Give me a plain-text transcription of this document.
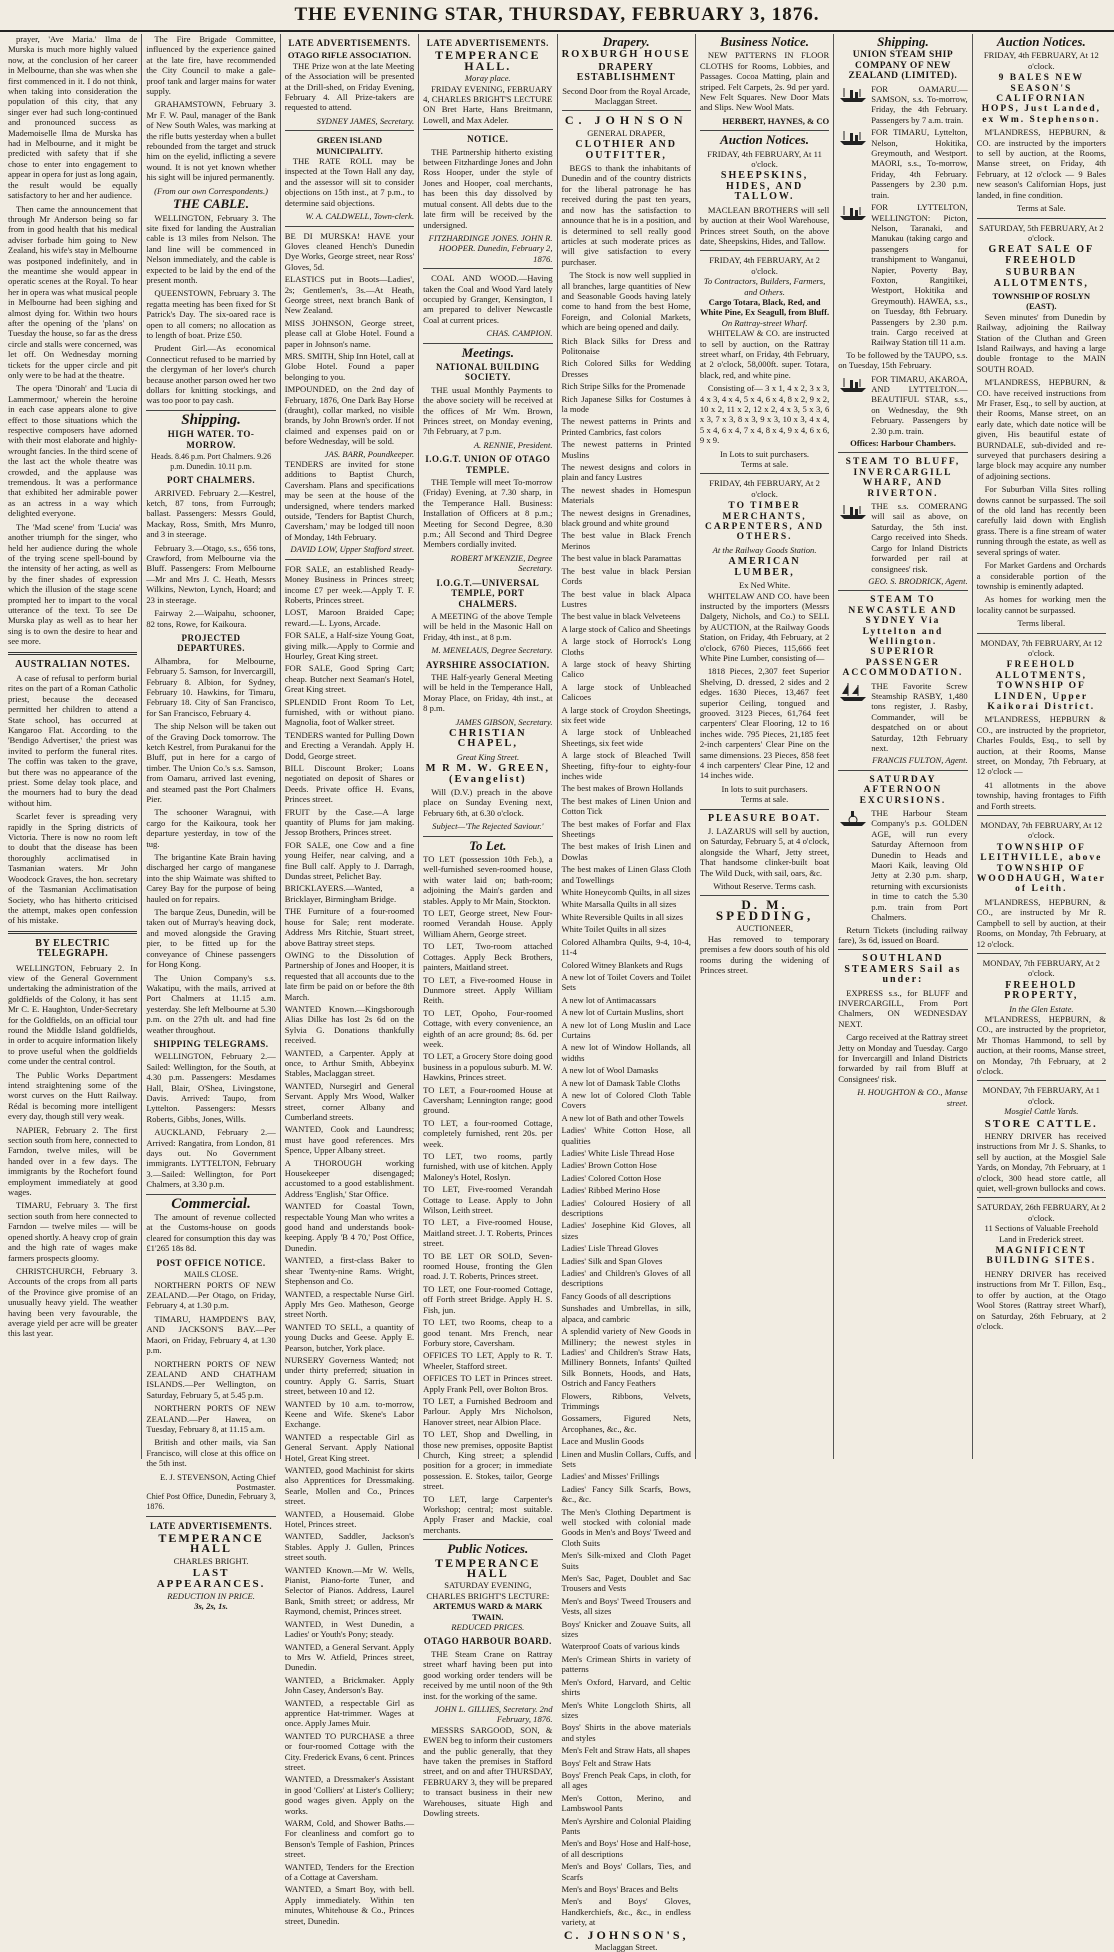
THE EVENING STAR, THURSDAY, FEBRUARY 3, 1876.

prayer, 'Ave Maria.' Ilma de Murska is much more highly valued now, at the conclusion of her career in Melbourne, than she was when she first commenced in it. I do not think, when taking into consideration the population of this city, that any singer ever had such long-continued and pronounced success as Mademoiselle Ilma de Murska has had in Melbourne, and it might be predicted with safety that if she chose to enter into engagement to appear in opera for just as long again, the result would be equally satisfactory to her and her audience.

Then came the announcement that through Mr Anderson being so far from in good health that his medical adviser forbade him going to New Zealand, his wife's stay in Melbourne was postponed indefinitely, and in the meantime she would appear in operatic scenes at the Royal. To hear her in opera was what musical people in Melbourne had been sighing and almost dying for. Within two hours after the opening of the 'plans' on Tuesday the house, so far as the dress circle and stalls were concerned, was let off. On Wednesday morning tickets for the upper circle and pit only were to be had at the theatre.

The opera 'Dinorah' and 'Lucia di Lammermoor,' wherein the heroine in each case appears alone to give effect to those situations which the respective composers have adorned with their most elaborate and highly-wrought fancies. In the third scene of the last act the whole theatre was crowded, and the applause was tremendous. It was a performance that exhibited her admirable power as an actress in a way which delighted everyone.

The 'Mad scene' from 'Lucia' was another triumph for the singer, who held her audience during the whole of the trying scene spell-bound by the intensity of her acting, as well as by the finer shades of expression which the illusion of the stage scene prompted her to impart to the vocal utterance of the text. To see De Murska play as well as to hear her sing is to own the desire to hear and see more.

AUSTRALIAN NOTES.

A case of refusal to perform burial rites on the part of a Roman Catholic priest, because the deceased permitted her children to attend a State school, has occurred at Kangaroo Flat. According to the 'Bendigo Advertiser,' the priest was invited to perform the funeral rites. The coffin was taken to the grave, but there was no appearance of the priest. Some delay took place, and the mourners had to bury the dead without him.

Scarlet fever is spreading very rapidly in the Spring districts of Victoria. There is now no room left to doubt that the disease has been thoroughly acclimatised in Tasmanian waters. Mr John Woodcock Graves, the hon. secretary of the Tasmanian Acclimatisation Society, who has hitherto criticised the attempt, makes open confession of his mistake.

BY ELECTRIC TELEGRAPH.

WELLINGTON, February 2. In view of the General Government undertaking the administration of the goldfields of the Colony, it has sent Mr C. E. Haughton, Under-Secretary for the Goldfields, on an official tour round the Middle Island goldfields, in order to acquire information likely to prove useful when the goldfields come under the central control.

The Public Works Department intend straightening some of the worst curves on the Hutt Railway. Rédal is becoming more intelligent every day, though still very weak.

NAPIER, February 2. The first section south from here, connected to Farndon, twelve miles, will be handed over in a few days. The immigrants by the Rochefort found employment immediately at good wages.

TIMARU, February 3. The first section south from here connected to Farndon — twelve miles — will be opened shortly. A heavy crop of grain and the high rate of wages make farmers prospects gloomy.

CHRISTCHURCH, February 3. Accounts of the crops from all parts of the Province give promise of an unusually heavy yield. The weather having been very favourable, the average yield per acre will be greater this last year.

The Fire Brigade Committee, influenced by the experience gained at the late fire, have recommended the City Council to make a gale-proof tank and larger mains for water supply.

GRAHAMSTOWN, February 3. Mr F. W. Paul, manager of the Bank of New South Wales, was marking at the rifle butts yesterday when a bullet rebounded from the target and struck him on the eyelid, inflicting a severe wound. It is not yet known whether his sight will be injured permanently.

(From our own Correspondents.)
THE CABLE.

WELLINGTON, February 3. The site fixed for landing the Australian cable is 13 miles from Nelson. The land line will be commenced in Nelson immediately, and the cable is expected to be laid by the end of the present month.

QUEENSTOWN, February 3. The regatta meeting has been fixed for St Patrick's Day. The six-oared race is open to all comers; no allocation as to length of boat. Prize £50.

Prudent Girl.—As economical Connecticut refused to be married by the clergyman of her lover's church because another parson owed her two dollars for knitting stockings, and was too poor to pay cash.

Shipping.
HIGH WATER. TO-MORROW.
Heads. 8.46 p.m. Port Chalmers. 9.26 p.m. Dunedin. 10.11 p.m.
PORT CHALMERS.

ARRIVED. February 2.—Kestrel, ketch, 87 tons, from Furrough; ballast. Passengers: Messrs Gould, Mackay, Ross, Smith, Mrs Munro, and 3 in steerage.

February 3.—Otago, s.s., 656 tons, Crawford, from Melbourne via the Bluff. Passengers: From Melbourne—Mr and Mrs J. C. Heath, Messrs Wilkins, Newton, Lynch, Hoard; and 23 in steerage.

Fairway 2.—Waipahu, schooner, 82 tons, Rowe, for Kaikoura.

PROJECTED DEPARTURES.

Alhambra, for Melbourne, February 5. Samson, for Invercargill, February 8. Albion, for Sydney, February 10. Hawkins, for Timaru, February 18. City of San Francisco, for San Francisco, February 4.

The ship Nelson will be taken out of the Graving Dock tomorrow. The ketch Kestrel, from Purakanui for the Bluff, put in here for a cargo of timber. The Union Co.'s s.s. Samson, from Oamaru, arrived last evening, and steamed past the Port Chalmers Pier.

The schooner Waragnui, with cargo for the Kaikoura, took her departure yesterday, in tow of the tug.

The brigantine Kate Brain having discharged her cargo of manganese into the ship Waimate was shifted to Carey Bay for the purpose of being hauled on for repairs.

The barque Zeus, Dunedin, will be taken out of Murray's heaving dock, and moved alongside the Graving pier, to be fitted up for the conveyance of Chinese passengers for Hong Kong.

The Union Company's s.s. Wakatipu, with the mails, arrived at Port Chalmers at 11.15 a.m. yesterday. She left Melbourne at 5.30 p.m. on the 27th ult. and had fine weather throughout.

SHIPPING TELEGRAMS.

WELLINGTON, February 2.—Sailed: Wellington, for the South, at 4.30 p.m. Passengers: Mesdames Hall, Blair, O'Shea, Livingstone, Davis. Arrived: Taupo, from Lyttelton. Passengers: Messrs Roberts, Gibbs, Jones, Wills.

AUCKLAND, February 2.—Arrived: Rangatira, from London, 81 days out. No Government immigrants. LYTTELTON, February 3.—Sailed: Wellington, for Port Chalmers, at 3.30 p.m.

Commercial.

The amount of revenue collected at the Customs-house on goods cleared for consumption this day was £1'265 18s 8d.

POST OFFICE NOTICE.
MAILS CLOSE.

NORTHERN PORTS OF NEW ZEALAND.—Per Otago, on Friday, February 4, at 1.30 p.m.

TIMARU, HAMPDEN'S BAY, AND JACKSON'S BAY.—Per Maori, on Friday, February 4, at 1.30 p.m.

NORTHERN PORTS OF NEW ZEALAND AND CHATHAM ISLANDS.—Per Wellington, on Saturday, February 5, at 5.45 p.m.

NORTHERN PORTS OF NEW ZEALAND.—Per Hawea, on Tuesday, February 8, at 11.15 a.m.

British and other mails, via San Francisco, will close at this office on the 5th inst.

E. J. STEVENSON, Acting Chief Postmaster.
Chief Post Office, Dunedin, February 3, 1876.
LATE ADVERTISEMENTS.
TEMPERANCE HALL
CHARLES BRIGHT.
LAST APPEARANCES.
REDUCTION IN PRICE.
3s, 2s, 1s.
LATE ADVERTISEMENTS.
OTAGO RIFLE ASSOCIATION.

THE Prize won at the late Meeting of the Association will be presented at the Drill-shed, on Friday Evening, February 4. All Prize-takers are requested to attend.

SYDNEY JAMES, Secretary.
GREEN ISLAND MUNICIPALITY.

THE RATE ROLL may be inspected at the Town Hall any day, and the assessor will sit to consider objections on 15th inst., at 7 p.m., to determine said objections.

W. A. CALDWELL, Town-clerk.

BE DI MURSKA! HAVE your Gloves cleaned Hench's Dunedin Dye Works, George street, near Ross' Gloves, 5d.

ELASTICS put in Boots—Ladies', 2s; Gentlemen's, 3s.—At Heath, George street, next branch Bank of New Zealand.

MISS JOHNSON, George street, please call at Globe Hotel. Found a paper in Johnson's name.

MRS. SMITH, Ship Inn Hotel, call at Globe Hotel. Found a paper belonging to you.

IMPOUNDED, on the 2nd day of February, 1876, One Dark Bay Horse (draught), collar marked, no visible brands, by John Brown's order. If not claimed and expenses paid on or before Wednesday, will be sold.

JAS. BARR, Poundkeeper.

TENDERS are invited for stone additions to Baptist Church, Caversham. Plans and specifications may be seen at the house of the undersigned, where tenders marked outside, 'Tenders for Baptist Church, Caversham,' may be lodged till noon of Monday, 14th February.

DAVID LOW, Upper Stafford street.

FOR SALE, an established Ready-Money Business in Princes street; income £7 per week.—Apply T. F. Roberts, Princes street.

LOST, Maroon Braided Cape; reward.—L. Lyons, Arcade.

FOR SALE, a Half-size Young Goat, giving milk.—Apply to Cormie and Hourley, Great King street.

FOR SALE, Good Spring Cart; cheap. Butcher next Seaman's Hotel, Great King street.

SPLENDID Front Room To Let, furnished, with or without piano. Magnolia, foot of Walker street.

TENDERS wanted for Pulling Down and Erecting a Verandah. Apply H. Dodd, George street.

BILL Discount Broker; Loans negotiated on deposit of Shares or Deeds. Private office H. Evans, Princes street.

FRUIT by the Case.—A large quantity of Plums for jam making. Jessop Brothers, Princes street.

FOR SALE, one Cow and a fine young Heifer, near calving, and a fine Bull calf. Apply to J. Darragh, Dundas street, Pelichet Bay.

BRICKLAYERS.—Wanted, a Bricklayer, Birmingham Bridge.

THE Furniture of a four-roomed house for Sale; rent moderate. Address Mrs Ritchie, Stuart street, above Battray street steps.

OWING to the Dissolution of Partnership of Jones and Hooper, it is requested that all accounts due to the late firm be paid on or before the 8th March.

WANTED Known.—Kingsborough Alias Dilke has lost 2s 6d on the Sylvia G. Donations thankfully received.

WANTED, a Carpenter. Apply at once, to Arthur Smith, Abbeyinx Stables, Maclaggan street.

WANTED, Nursegirl and General Servant. Apply Mrs Wood, Walker street, corner Albany and Cumberland streets.

WANTED, Cook and Laundress; must have good references. Mrs Spence, Upper Albany street.

A THOROUGH working Housekeeper disengaged; accustomed to a good establishment. Address 'English,' Star Office.

WANTED for Coastal Town, respectable Young Man who writes a good hand and understands book-keeping. Apply 'B 4 70,' Post Office, Dunedin.

WANTED, a first-class Baker to shear Twenty-nine Rams. Wright, Stephenson and Co.

WANTED, a respectable Nurse Girl. Apply Mrs Geo. Matheson, George street North.

WANTED TO SELL, a quantity of young Ducks and Geese. Apply E. Pearson, butcher, York place.

NURSERY Governess Wanted; not under thirty preferred; situation in country. Apply G. Sarris, Stuart street, between 10 and 12.

WANTED by 10 a.m. to-morrow, Keene and Wife. Skene's Labor Exchange.

WANTED a respectable Girl as General Servant. Apply National Hotel, Great King street.

WANTED, good Machinist for skirts also Apprentices for Dressmaking. Searle, Mollen and Co., Princes street.

WANTED, a Housemaid. Globe Hotel, Princes street.

WANTED, Saddler, Jackson's Stables. Apply J. Gullen, Princes street south.

WANTED Known.—Mr W. Wells, Pianist, Piano-forte Tuner, and Selector of Pianos. Address, Laurel Bank, Smith street; or address, Mr Raymond, chemist, Princes street.

WANTED, in West Dunedin, a Ladies' or Youth's Pony; steady.

WANTED, a General Servant. Apply to Mrs W. Atfield, Princes street, Dunedin.

WANTED, a Brickmaker. Apply John Casey, Anderson's Bay.

WANTED, a respectable Girl as apprentice Hat-trimmer. Wages at once. Apply James Muir.

WANTED TO PURCHASE a three or four-roomed Cottage with the City. Frederick Evans, 6 cent. Princes street.

WANTED, a Dressmaker's Assistant in good 'Colliers' at Lister's Colliery; good wages given. Apply on the works.

WARM, Cold, and Shower Baths.—For cleanliness and comfort go to Benson's Temple of Fashion, Princes street.

WANTED, Tenders for the Erection of a Cottage at Caversham.

WANTED, a Smart Boy, with bell. Apply immediately. Within ten minutes, Whitehouse & Co., Princes street, Dunedin.

LATE ADVERTISEMENTS.
TEMPERANCE HALL.
Moray place.

FRIDAY EVENING, FEBRUARY 4, CHARLES BRIGHT'S LECTURE ON Bret Harte, Hans Breitmann, Lowell, and Max Adeler.

NOTICE.

THE Partnership hitherto existing between Fitzhardinge Jones and John Ross Hooper, under the style of Jones and Hooper, coal merchants, has been this day dissolved by mutual consent. All debts due to the late firm will be received by the undersigned.

FITZHARDINGE JONES. JOHN R. HOOPER. Dunedin, February 2, 1876.

COAL AND WOOD.—Having taken the Coal and Wood Yard lately occupied by Granger, Kensington, I am prepared to deliver Newcastle Coal at current prices.

CHAS. CAMPION.
Meetings.
NATIONAL BUILDING SOCIETY.

THE usual Monthly Payments to the above society will be received at the offices of Mr Wm. Brown, Princes street, on Monday evening, 7th February, at 7 p.m.

A. RENNIE, President.
I.O.G.T. UNION OF OTAGO TEMPLE.

THE Temple will meet To-morrow (Friday) Evening, at 7.30 sharp, in the Temperance Hall. Business: Installation of Officers at 8 p.m.; Meeting for Second Degree, 8.30 p.m.; All Second and Third Degree Members cordially invited.

ROBERT M'KENZIE, Degree Secretary.
I.O.G.T.—UNIVERSAL TEMPLE, PORT CHALMERS.

A MEETING of the above Temple will be held in the Masonic Hall on Friday, 4th inst., at 8 p.m.

M. MENELAUS, Degree Secretary.
AYRSHIRE ASSOCIATION.

THE Half-yearly General Meeting will be held in the Temperance Hall, Moray Place, on Friday, 4th inst., at 8 p.m.

JAMES GIBSON, Secretary.
CHRISTIAN CHAPEL,
Great King Street.
M R M. W. GREEN, (Evangelist)

Will (D.V.) preach in the above place on Sunday Evening next, February 6th, at 6.30 o'clock.

Subject—'The Rejected Saviour.'
To Let.

TO LET (possession 10th Feb.), a well-furnished seven-roomed house, with water laid on; bath-room; adjoining the Main's garden and stables. Apply to Mr Main, Stockton.

TO LET, George street, New Four-roomed Verandah House. Apply William Ahern, George street.

TO LET, Two-room attached Cottages. Apply Beck Brothers, painters, Maitland street.

TO LET, a Five-roomed House in Dunmore street. Apply William Reith.

TO LET, Opoho, Four-roomed Cottage, with every convenience, an eighth of an acre ground; 8s. 6d. per week.

TO LET, a Grocery Store doing good business in a populous suburb. M. W. Hawkins, Princes street.

TO LET, a Four-roomed House at Caversham; Lennington range; good ground.

TO LET, a four-roomed Cottage, completely furnished, rent 20s. per week.

TO LET, two rooms, partly furnished, with use of kitchen. Apply Maloney's Hotel, Roslyn.

TO LET, Five-roomed Verandah Cottage to Lease. Apply to John Wilson, Leith street.

TO LET, a Five-roomed House, Maitland street. J. T. Roberts, Princes street.

TO BE LET OR SOLD, Seven-roomed House, fronting the Glen road. J. T. Roberts, Princes street.

TO LET, one Four-roomed Cottage, off Forth street Bridge. Apply H. S. Fish, jun.

TO LET, two Rooms, cheap to a good tenant. Mrs French, near Forbury store, Caversham.

OFFICES TO LET, Apply to R. T. Wheeler, Stafford street.

OFFICES TO LET in Princes street. Apply Frank Pell, over Bolton Bros.

TO LET, a Furnished Bedroom and Parlour. Apply Mrs Nicholson, Hanover street, near Albion Place.

TO LET, Shop and Dwelling, in those new premises, opposite Baptist Church, King street; a splendid position for a grocer; in immediate possession. E. Stokes, tailor, George street.

TO LET, large Carpenter's Workshop; central; most suitable. Apply Fraser and Mackie, coal merchants.

Public Notices.
TEMPERANCE HALL
SATURDAY EVENING,
CHARLES BRIGHT'S LECTURE:
ARTEMUS WARD & MARK TWAIN.
REDUCED PRICES.
OTAGO HARBOUR BOARD.

THE Steam Crane on Rattray street wharf having been put into good working order tenders will be received by me until noon of the 9th inst. for the working of the same.

JOHN L. GILLIES, Secretary. 2nd February, 1876.

MESSRS SARGOOD, SON, & EWEN beg to inform their customers and the public generally, that they have taken the premises in Stafford street, and on and after THURSDAY, FEBRUARY 3, they will be prepared to transact business in their new Warehouses, situate High and Dowling streets.

Drapery.
ROXBURGH HOUSE
DRAPERY ESTABLISHMENT
Second Door from the Royal Arcade, Maclaggan Street.
C. JOHNSON
GENERAL DRAPER,
CLOTHIER AND OUTFITTER,

BEGS to thank the inhabitants of Dunedin and of the country districts for the liberal patronage he has received during the past ten years, and now has the satisfaction to announce that he is in a position, and is determined to sell really good articles at such moderate prices as will give satisfaction to every purchaser.

The Stock is now well supplied in all branches, large quantities of New and Seasonable Goods having lately come to hand from the best Home, Foreign, and Colonial Markets, which are being opened and daily.

Rich Black Silks for Dress and Politonaise

Rich Colored Silks for Wedding Dresses

Rich Stripe Silks for the Promenade

Rich Japanese Silks for Costumes à la mode

The newest patterns in Prints and Printed Cambrics, fast colors

The newest patterns in Printed Muslins

The newest designs and colors in plain and fancy Lustres

The newest shades in Homespun Materials

The newest designs in Grenadines, black ground and white ground

The best value in Black French Merinos

The best value in black Paramattas

The best value in black Persian Cords

The best value in black Alpaca Lustres

The best value in black Velveteens

A large stock of Calico and Sheetings

A large stock of Horrock's Long Cloths

A large stock of heavy Shirting Calico

A large stock of Unbleached Calicoes

A large stock of Croydon Sheetings, six feet wide

A large stock of Unbleached Sheetings, six feet wide

A large stock of Bleached Twill Sheeting, fifty-four to eighty-four inches wide

The best makes of Brown Hollands

The best makes of Linen Union and Cotton Tick

The best makes of Forfar and Flax Sheetings

The best makes of Irish Linen and Dowlas

The best makes of Linen Glass Cloth and Towellings

White Honeycomb Quilts, in all sizes

White Marsalla Quilts in all sizes

White Reversible Quilts in all sizes

White Toilet Quilts in all sizes

Colored Alhambra Quilts, 9-4, 10-4, 11-4

Colored Witney Blankets and Rugs

A new lot of Toilet Covers and Toilet Sets

A new lot of Antimacassars

A new lot of Curtain Muslins, short

A new lot of Long Muslin and Lace Curtains

A new lot of Window Hollands, all widths

A new lot of Wool Damasks

A new lot of Damask Table Cloths

A new lot of Colored Cloth Table Covers

A new lot of Bath and other Towels

Ladies' White Cotton Hose, all qualities

Ladies' White Lisle Thread Hose

Ladies' Brown Cotton Hose

Ladies' Colored Cotton Hose

Ladies' Ribbed Merino Hose

Ladies' Coloured Hosiery of all descriptions

Ladies' Josephine Kid Gloves, all sizes

Ladies' Lisle Thread Gloves

Ladies' Silk and Span Gloves

Ladies' and Children's Gloves of all descriptions

Fancy Goods of all descriptions

Sunshades and Umbrellas, in silk, alpaca, and cambric

A splendid variety of New Goods in Millinery; the newest styles in Ladies' and Children's Straw Hats, Millinery Bonnets, Infants' Quilted Silk Bonnets, Hoods, and Hats, Ostrich and Fancy Feathers

Flowers, Ribbons, Velvets, Trimmings

Gossamers, Figured Nets, Arcophanes, &c., &c.

Lace and Muslin Goods

Linen and Muslin Collars, Cuffs, and Sets

Ladies' and Misses' Frillings

Ladies' Fancy Silk Scarfs, Bows, &c., &c.

The Men's Clothing Department is well stocked with colonial made Goods in Men's and Boys' Tweed and Cloth Suits

Men's Silk-mixed and Cloth Paget Suits

Men's Sac, Paget, Doublet and Sac Trousers and Vests

Men's and Boys' Tweed Trousers and Vests, all sizes

Boys' Knicker and Zouave Suits, all sizes

Waterproof Coats of various kinds

Men's Crimean Shirts in variety of patterns

Men's Oxford, Harvard, and Celtic shirts

Men's White Longcloth Shirts, all sizes

Boys' Shirts in the above materials and styles

Men's Felt and Straw Hats, all shapes

Boys' Felt and Straw Hats

Boys' French Peak Caps, in cloth, for all ages

Men's Cotton, Merino, and Lambswool Pants

Men's Ayrshire and Colonial Plaiding Pants

Men's and Boys' Hose and Half-hose, of all descriptions

Men's and Boys' Collars, Ties, and Scarfs

Men's and Boys' Braces and Belts

Men's and Boys' Gloves, Handkerchiefs, &c., &c., in endless variety, at

C. JOHNSON'S,
Maclaggan Street.
Business Notice.

NEW PATTERNS IN FLOOR CLOTHS for Rooms, Lobbies, and Passages. Cocoa Matting, plain and striped. Felt Carpets, 2s. 9d per yard. New Felt Squares. New Door Mats and Slips. New Wool Mats.

HERBERT, HAYNES, & CO
Auction Notices.
FRIDAY, 4th FEBRUARY, At 11 o'clock.
SHEEPSKINS, HIDES, AND TALLOW.

MACLEAN BROTHERS will sell by auction at their Wool Warehouse, Princes street South, on the above date, Sheepskins, Hides, and Tallow.

FRIDAY, 4th FEBRUARY, At 2 o'clock.
To Contractors, Builders, Farmers, and Others.
Cargo Totara, Black, Red, and White Pine, Ex Seagull, from Bluff.
On Rattray-street Wharf.

WHITELAW & CO. are instructed to sell by auction, on the Rattray street wharf, on Friday, 4th February, at 2 o'clock, 58,000ft. super. Totara, black, red, and white pine.

Consisting of— 3 x 1, 4 x 2, 3 x 3, 4 x 3, 4 x 4, 5 x 4, 6 x 4, 8 x 2, 9 x 2, 10 x 2, 11 x 2, 12 x 2, 4 x 3, 5 x 3, 6 x 3, 7 x 3, 8 x 3, 9 x 3, 10 x 3, 4 x 4, 5 x 4, 6 x 4, 7 x 4, 8 x 4, 9 x 4, 6 x 6, 9 x 9.

In Lots to suit purchasers.
Terms at sale.
FRIDAY, 4th FEBRUARY, At 2 o'clock.
TO TIMBER MERCHANTS, CARPENTERS, AND OTHERS.
At the Railway Goods Station.
AMERICAN LUMBER,
Ex Ned White.

WHITELAW AND CO. have been instructed by the importers (Messrs Dalgety, Nichols, and Co.) to SELL by AUCTION, at the Railway Goods Station, on Friday, 4th February, at 2 o'clock, 6760 Pieces, 115,666 feet White Pine Lumber, consisting of—

1818 Pieces, 2,307 feet Superior Shelving, D. dressed, 2 sides and 2 edges. 1630 Pieces, 13,467 feet superior Ceiling, tongued and grooved. 3123 Pieces, 61,764 feet carpenters' Clear Flooring, 12 to 16 inches wide. 795 Pieces, 21,185 feet 2-inch carpenters' Clear Pine on the same dimensions. 23 Pieces, 858 feet 4 inch carpenters' Clear Pine, 12 and 14 inches wide.

In lots to suit purchasers.
Terms at sale.
PLEASURE BOAT.

J. LAZARUS will sell by auction, on Saturday, February 5, at 4 o'clock, alongside the Wharf, Jetty street, That handsome clinker-built boat The Wild Duck, with sail, oars, &c.

Without Reserve. Terms cash.
D. M. SPEDDING,
AUCTIONEER,

Has removed to temporary premises a few doors south of his old rooms during the widening of Princes street.

Shipping.
UNION STEAM SHIP COMPANY OF NEW ZEALAND (LIMITED).
FOR OAMARU.—SAMSON, s.s. To-morrow, Friday, the 4th February. Passengers by 7 a.m. train.
FOR TIMARU, Lyttelton, Nelson, Hokitika, Greymouth, and Westport. MAORI, s.s., To-morrow, Friday, 4th February. Passengers by 2.30 p.m. train.
FOR LYTTELTON, WELLINGTON: Picton, Nelson, Taranaki, and Manukau (taking cargo and passengers for transhipment to Wanganui, Napier, Poverty Bay, Foxton, Rangitikei, Westport, Hokitika and Greymouth). HAWEA, s.s., on Tuesday, 8th February. Passengers by 2.30 p.m. train. Cargo received at Railway Station till 11 a.m.

To be followed by the TAUPO, s.s. on Tuesday, 15th February.

FOR TIMARU, AKAROA, AND LYTTELTON.—BEAUTIFUL STAR, s.s., on Wednesday, the 9th February. Passengers by 2.30 p.m. train.
Offices: Harbour Chambers.
STEAM TO BLUFF, INVERCARGILL WHARF, AND RIVERTON.
THE s.s. COMERANG will sail as above, on Saturday, the 5th inst. Cargo received into Sheds. Cargo for Inland Districts forwarded per rail at consignees' risk.
GEO. S. BRODRICK, Agent.
STEAM TO NEWCASTLE AND SYDNEY Via Lyttelton and Wellington. SUPERIOR PASSENGER ACCOMMODATION.
THE Favorite Screw Steamship RASBY, 1,480 tons register, J. Rasby, Commander, will be despatched on or about Saturday, 12th February next.
FRANCIS FULTON, Agent.
SATURDAY AFTERNOON EXCURSIONS.
THE Harbour Steam Company's p.s. GOLDEN AGE, will run every Saturday Afternoon from Dunedin to Heads and Maori Kaik, leaving Old Jetty at 2.30 p.m. sharp, returning with excursionists in time to catch the 5.30 p.m. train from Port Chalmers.

Return Tickets (including railway fare), 3s 6d, issued on Board.

SOUTHLAND STEAMERS Sail as under:

EXPRESS s.s., for BLUFF and INVERCARGILL, From Port Chalmers, ON WEDNESDAY NEXT.

Cargo received at the Rattray street Jetty on Monday and Tuesday. Cargo for Invercargill and Inland Districts forwarded by rail from Bluff at Consignees' risk.

H. HOUGHTON & CO., Manse street.
Auction Notices.
FRIDAY, 4th FEBRUARY, At 12 o'clock.
9 BALES NEW SEASON'S CALIFORNIAN HOPS, Just Landed, ex Wm. Stephenson.

M'LANDRESS, HEPBURN, & CO. are instructed by the importers to sell by auction, at the Rooms, Manse street, on Friday, 4th February, at 12 o'clock — 9 Bales new season's Californian Hops, just landed, in fine condition.

Terms at Sale.
SATURDAY, 5th FEBRUARY, At 2 o'clock.
GREAT SALE OF FREEHOLD
SUBURBAN ALLOTMENTS,
TOWNSHIP OF ROSLYN (EAST).

Seven minutes' from Dunedin by Railway, adjoining the Railway Station of the Cluthan and Green Island Railways, and having a large double frontage to the MAIN SOUTH ROAD.

M'LANDRESS, HEPBURN, & CO. have received instructions from Mr Fraser, Esq., to sell by auction, at their Rooms, Manse street, on an early date, which date notice will be given, His beautiful estate of BURNDALE, sub-divided and re-surveyed that purchasers desiring a large block may acquire any number of adjoining sections.

For Suburban Villa Sites rolling downs cannot be surpassed. The soil of the old land has recently been carefully laid down with English grass. There is a fine stream of water running through the estate, as well as several springs of water.

For Market Gardens and Orchards a considerable portion of the township is eminently adapted.

As homes for working men the locality cannot be surpassed.

Terms liberal.
MONDAY, 7th FEBRUARY, At 12 o'clock.
FREEHOLD ALLOTMENTS, TOWNSHIP OF LINDEN, Upper Kaikorai District.

M'LANDRESS, HEPBURN & CO., are instructed by the proprietor, Charles Foulds, Esq., to sell by auction, at their Rooms, Manse street, on Monday, 7th February, at 12 o'clock —

41 allotments in the above township, having frontages to Fifth and Forth streets.

MONDAY, 7th FEBRUARY, At 12 o'clock.
TOWNSHIP OF LEITHVILLE, above TOWNSHIP OF WOODHAUGH, Water of Leith.

M'LANDRESS, HEPBURN, & CO., are instructed by Mr R. Campbell to sell by auction, at their Rooms, on Monday, 7th February, at 12 o'clock.

MONDAY, 7th FEBRUARY, At 2 o'clock.
FREEHOLD PROPERTY,
In the Glen Estate.

M'LANDRESS, HEPBURN, & CO., are instructed by the proprietor, Mr Thomas Hammond, to sell by auction, at their rooms, Manse street, on Monday, 7th February, at 2 o'clock.

MONDAY, 7th FEBRUARY, At 1 o'clock.
Mosgiel Cattle Yards.
STORE CATTLE.

HENRY DRIVER has received instructions from Mr J. S. Shanks, to sell by auction, at the Mosgiel Sale Yards, on Monday, 7th February, at 1 o'clock, 300 head store cattle, all quiet, well-grown bullocks and cows.

SATURDAY, 26th FEBRUARY, At 2 o'clock.
11 Sections of Valuable Freehold Land in Frederick street.
MAGNIFICENT BUILDING SITES.

HENRY DRIVER has received instructions from Mr T. Fillon, Esq., to offer by auction, at the Otago Wool Stores (Rattray street Wharf), on Saturday, 26th February, at 2 o'clock.
